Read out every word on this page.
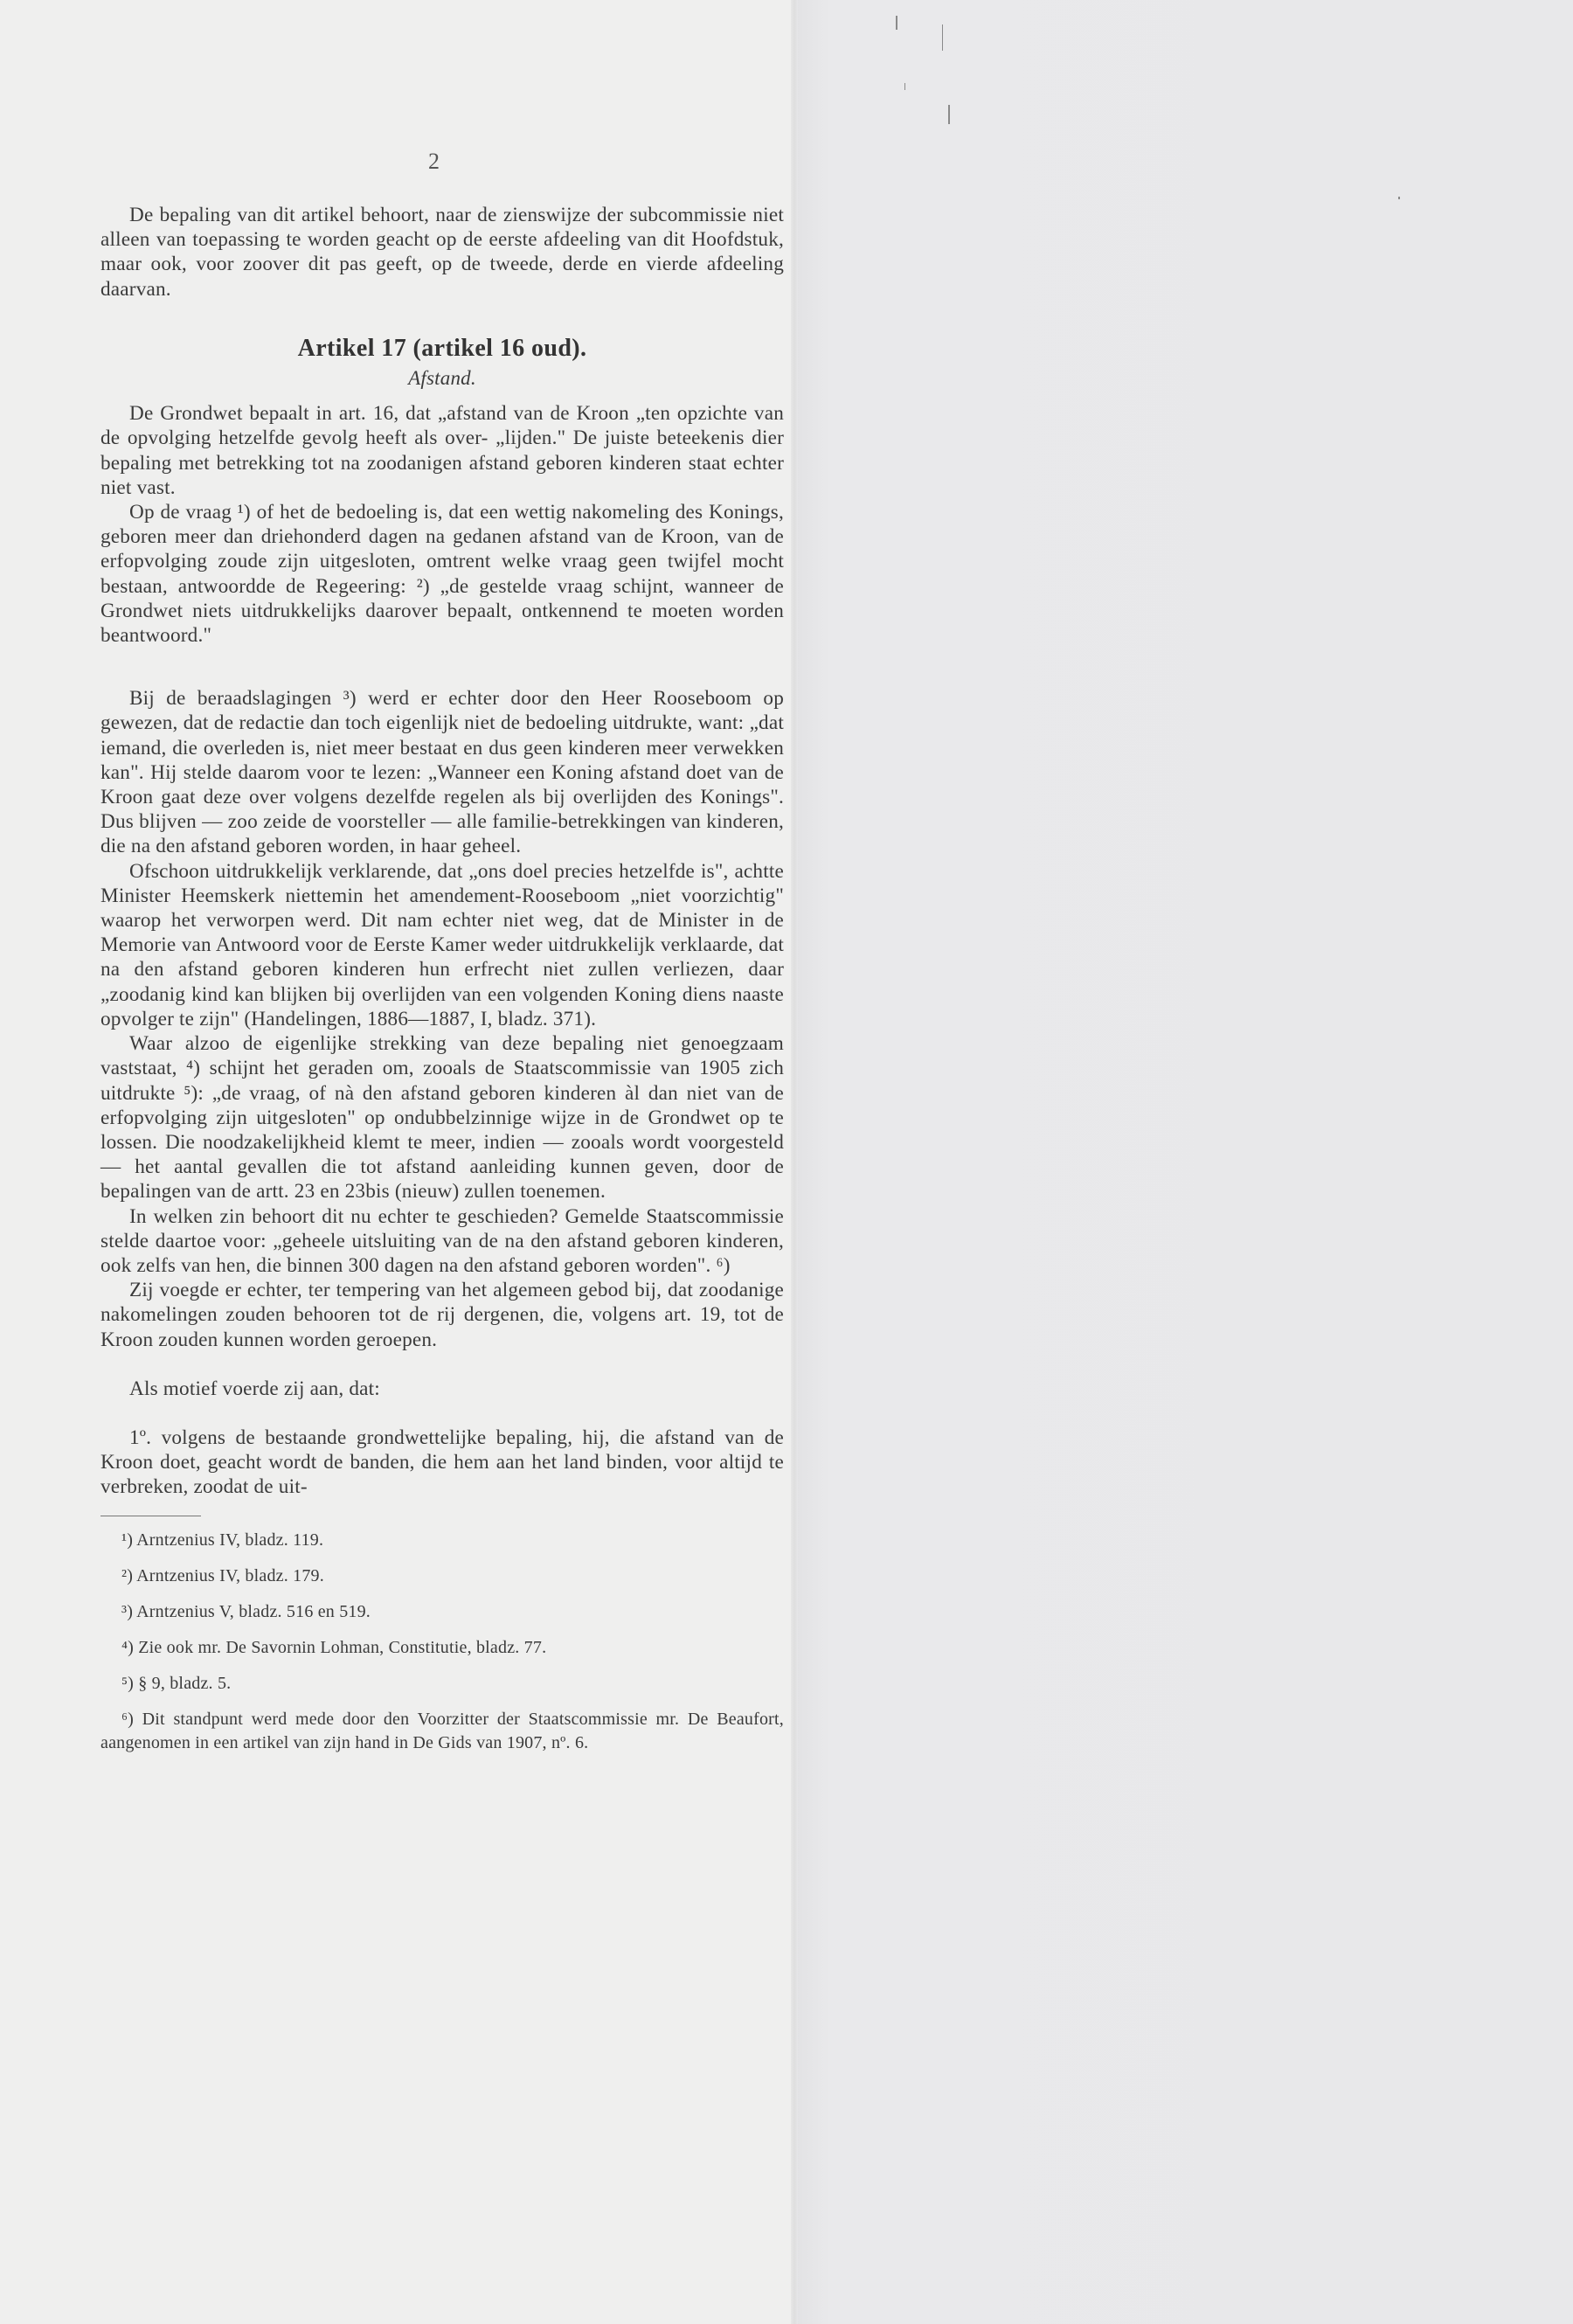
2

De bepaling van dit artikel behoort, naar de zienswijze der subcommissie niet alleen van toepassing te worden geacht op de eerste afdeeling van dit Hoofdstuk, maar ook, voor zoover dit pas geeft, op de tweede, derde en vierde afdeeling daarvan.

Artikel 17 (artikel 16 oud).

Afstand.

De Grondwet bepaalt in art. 16, dat „afstand van de Kroon „ten opzichte van de opvolging hetzelfde gevolg heeft als over- „lijden." De juiste beteekenis dier bepaling met betrekking tot na zoodanigen afstand geboren kinderen staat echter niet vast.

Op de vraag ¹) of het de bedoeling is, dat een wettig nakomeling des Konings, geboren meer dan driehonderd dagen na gedanen afstand van de Kroon, van de erfopvolging zoude zijn uitgesloten, omtrent welke vraag geen twijfel mocht bestaan, antwoordde de Regeering: ²) „de gestelde vraag schijnt, wanneer de Grondwet niets uitdrukkelijks daarover bepaalt, ontkennend te moeten worden beantwoord."

Bij de beraadslagingen ³) werd er echter door den Heer Rooseboom op gewezen, dat de redactie dan toch eigenlijk niet de bedoeling uitdrukte, want: „dat iemand, die overleden is, niet meer bestaat en dus geen kinderen meer verwekken kan". Hij stelde daarom voor te lezen: „Wanneer een Koning afstand doet van de Kroon gaat deze over volgens dezelfde regelen als bij overlijden des Konings". Dus blijven — zoo zeide de voorsteller — alle familie-betrekkingen van kinderen, die na den afstand geboren worden, in haar geheel.

Ofschoon uitdrukkelijk verklarende, dat „ons doel precies hetzelfde is", achtte Minister Heemskerk niettemin het amendement-Rooseboom „niet voorzichtig" waarop het verworpen werd. Dit nam echter niet weg, dat de Minister in de Memorie van Antwoord voor de Eerste Kamer weder uitdrukkelijk verklaarde, dat na den afstand geboren kinderen hun erfrecht niet zullen verliezen, daar „zoodanig kind kan blijken bij overlijden van een volgenden Koning diens naaste opvolger te zijn" (Handelingen, 1886—1887, I, bladz. 371).

Waar alzoo de eigenlijke strekking van deze bepaling niet genoegzaam vaststaat, ⁴) schijnt het geraden om, zooals de Staatscommissie van 1905 zich uitdrukte ⁵): „de vraag, of nà den afstand geboren kinderen àl dan niet van de erfopvolging zijn uitgesloten" op ondubbelzinnige wijze in de Grondwet op te lossen. Die noodzakelijkheid klemt te meer, indien — zooals wordt voorgesteld — het aantal gevallen die tot afstand aanleiding kunnen geven, door de bepalingen van de artt. 23 en 23bis (nieuw) zullen toenemen.

In welken zin behoort dit nu echter te geschieden? Gemelde Staatscommissie stelde daartoe voor: „geheele uitsluiting van de na den afstand geboren kinderen, ook zelfs van hen, die binnen 300 dagen na den afstand geboren worden". ⁶)

Zij voegde er echter, ter tempering van het algemeen gebod bij, dat zoodanige nakomelingen zouden behooren tot de rij dergenen, die, volgens art. 19, tot de Kroon zouden kunnen worden geroepen.

Als motief voerde zij aan, dat:

1º. volgens de bestaande grondwettelijke bepaling, hij, die afstand van de Kroon doet, geacht wordt de banden, die hem aan het land binden, voor altijd te verbreken, zoodat de uit-

¹) Arntzenius IV, bladz. 119.

²) Arntzenius IV, bladz. 179.

³) Arntzenius V, bladz. 516 en 519.

⁴) Zie ook mr. De Savornin Lohman, Constitutie, bladz. 77.

⁵) § 9, bladz. 5.

⁶) Dit standpunt werd mede door den Voorzitter der Staatscommissie mr. De Beaufort, aangenomen in een artikel van zijn hand in De Gids van 1907, nº. 6.
